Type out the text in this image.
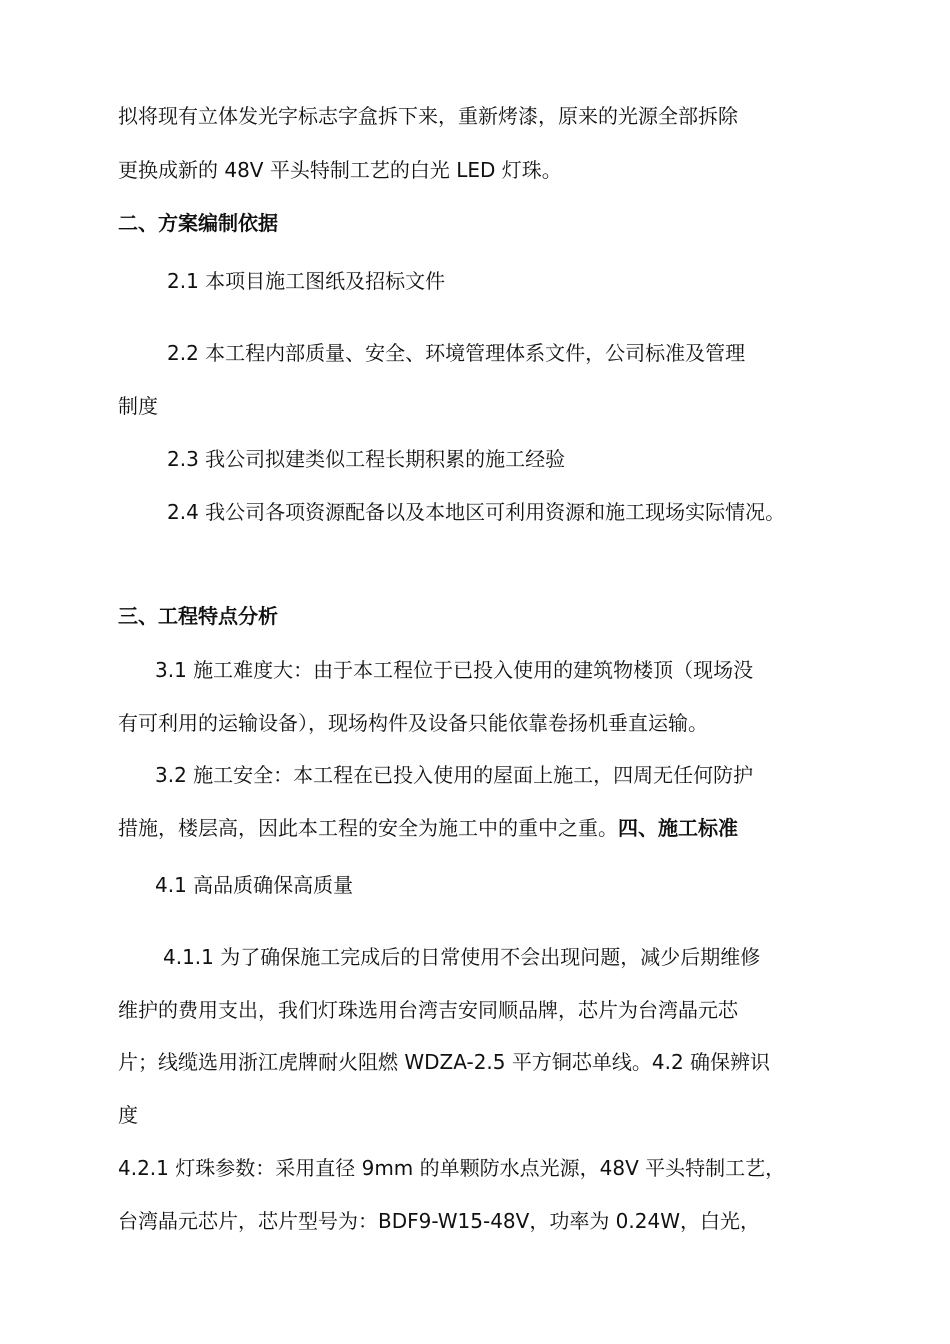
拟将现有立体发光字标志字盒拆下来，重新烤漆，原来的光源全部拆除
更换成新的 48V 平头特制工艺的白光 LED 灯珠。
二、方案编制依据
2.1 本项目施工图纸及招标文件
2.2 本工程内部质量、安全、环境管理体系文件，公司标准及管理
制度
2.3 我公司拟建类似工程长期积累的施工经验
2.4 我公司各项资源配备以及本地区可利用资源和施工现场实际情况。
三、工程特点分析
3.1 施工难度大：由于本工程位于已投入使用的建筑物楼顶（现场没
有可利用的运输设备），现场构件及设备只能依靠卷扬机垂直运输。
3.2 施工安全：本工程在已投入使用的屋面上施工，四周无任何防护
措施，楼层高，因此本工程的安全为施工中的重中之重。四、施工标准
4.1 高品质确保高质量
4.1.1 为了确保施工完成后的日常使用不会出现问题，减少后期维修
维护的费用支出，我们灯珠选用台湾吉安同顺品牌，芯片为台湾晶元芯
片；线缆选用浙江虎牌耐火阻燃 WDZA-2.5 平方铜芯单线。4.2 确保辨识
度
4.2.1 灯珠参数：采用直径 9mm 的单颗防水点光源，48V 平头特制工艺，
台湾晶元芯片，芯片型号为：BDF9-W15-48V，功率为 0.24W，白光，
